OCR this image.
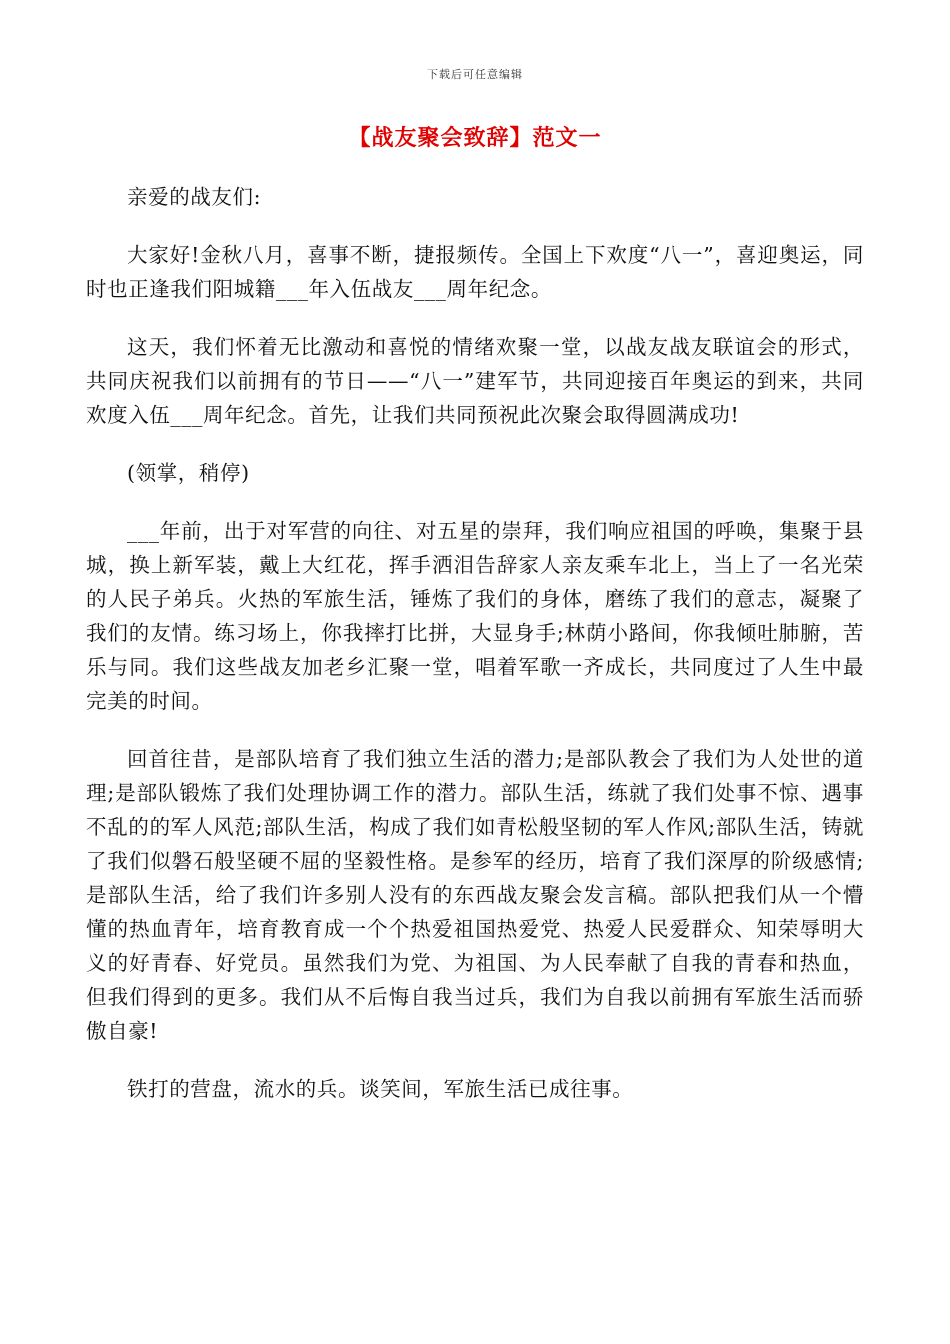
下载后可任意编辑
【战友聚会致辞】范文一

亲爱的战友们:

大家好!金秋八月，喜事不断，捷报频传。全国上下欢度“八一”，喜迎奥运，同时也正逢我们阳城籍___年入伍战友___周年纪念。

这天，我们怀着无比激动和喜悦的情绪欢聚一堂，以战友战友联谊会的形式，共同庆祝我们以前拥有的节日——“八一”建军节，共同迎接百年奥运的到来，共同欢度入伍___周年纪念。首先，让我们共同预祝此次聚会取得圆满成功!

(领掌，稍停)

___年前，出于对军营的向往、对五星的崇拜，我们响应祖国的呼唤，集聚于县城，换上新军装，戴上大红花，挥手洒泪告辞家人亲友乘车北上，当上了一名光荣的人民子弟兵。火热的军旅生活，锤炼了我们的身体，磨练了我们的意志，凝聚了我们的友情。练习场上，你我摔打比拼，大显身手;林荫小路间，你我倾吐肺腑，苦乐与同。我们这些战友加老乡汇聚一堂，唱着军歌一齐成长，共同度过了人生中最完美的时间。

回首往昔，是部队培育了我们独立生活的潜力;是部队教会了我们为人处世的道理;是部队锻炼了我们处理协调工作的潜力。部队生活，练就了我们处事不惊、遇事不乱的的军人风范;部队生活，构成了我们如青松般坚韧的军人作风;部队生活，铸就了我们似磐石般坚硬不屈的坚毅性格。是参军的经历，培育了我们深厚的阶级感情;是部队生活，给了我们许多别人没有的东西战友聚会发言稿。部队把我们从一个懵懂的热血青年，培育教育成一个个热爱祖国热爱党、热爱人民爱群众、知荣辱明大义的好青春、好党员。虽然我们为党、为祖国、为人民奉献了自我的青春和热血，但我们得到的更多。我们从不后悔自我当过兵，我们为自我以前拥有军旅生活而骄傲自豪!

铁打的营盘，流水的兵。谈笑间，军旅生活已成往事。
